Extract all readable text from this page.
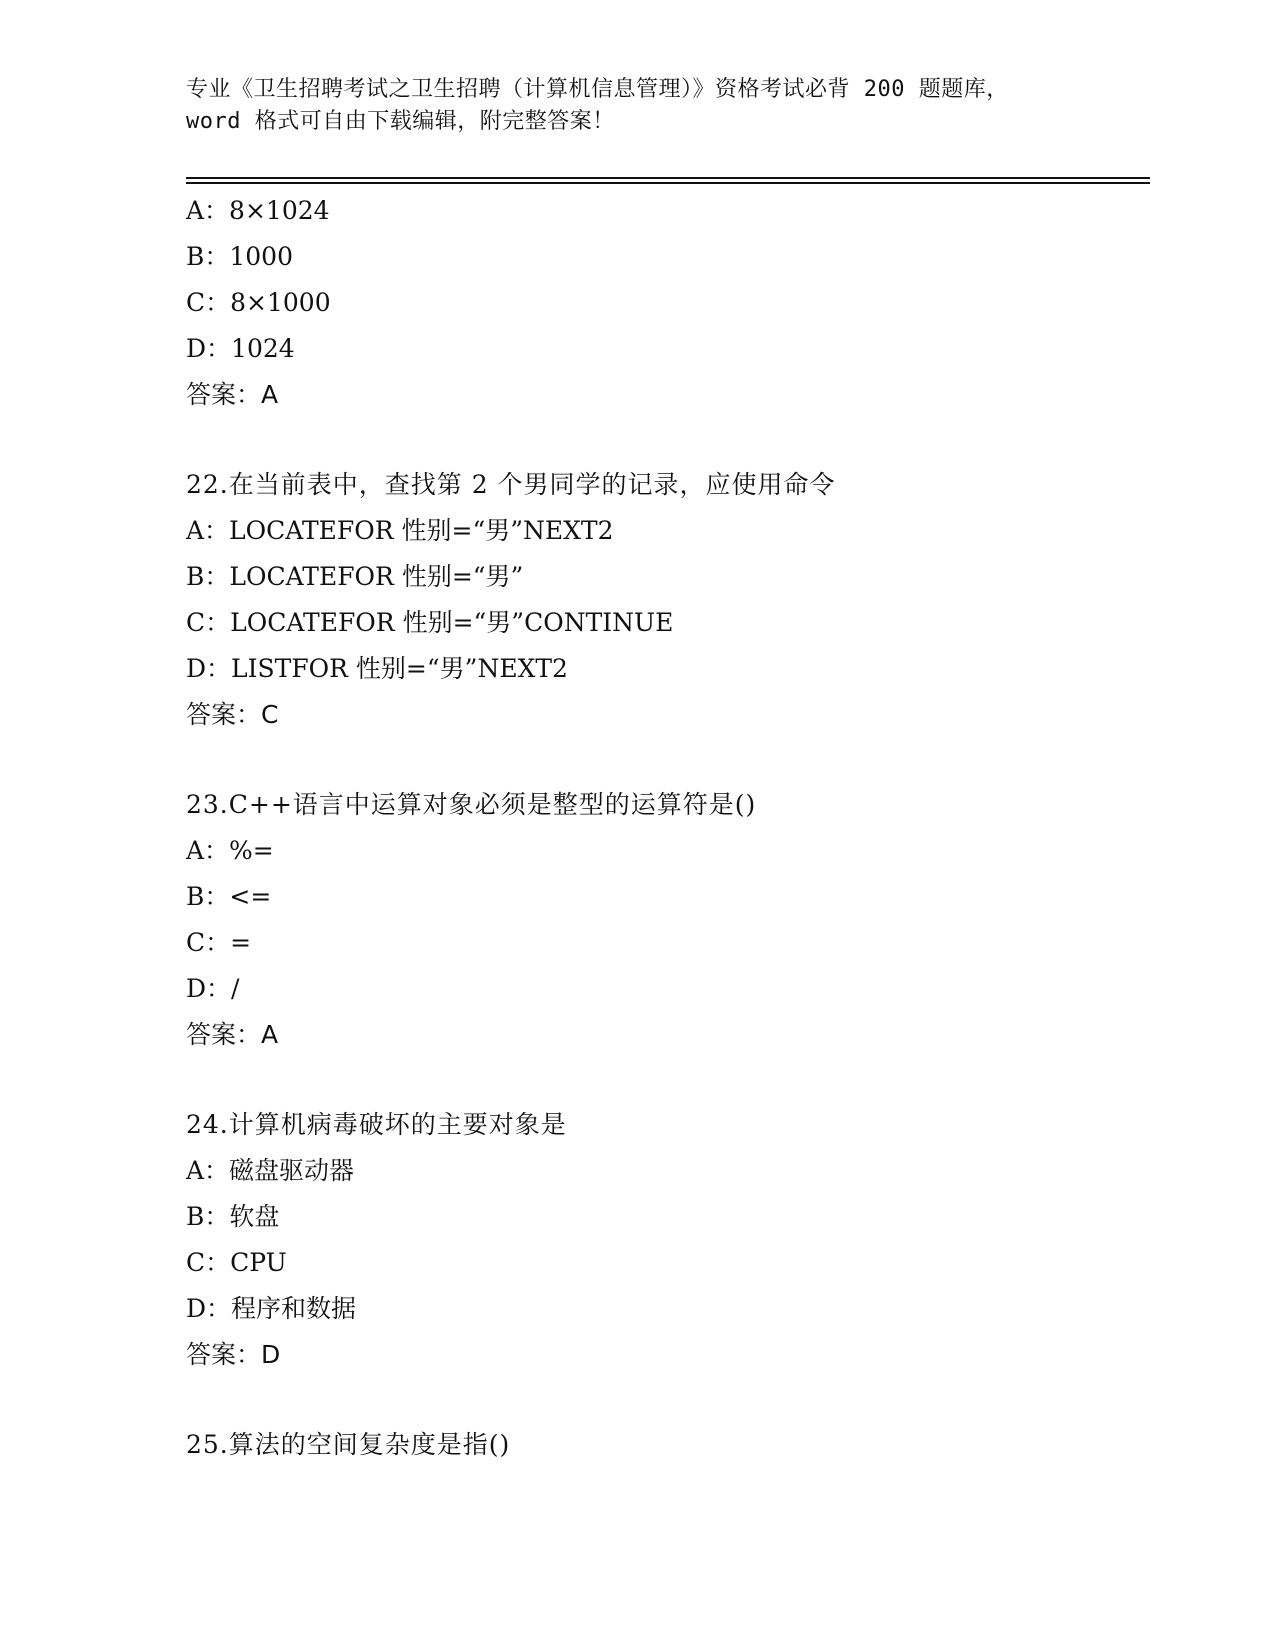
专业《卫生招聘考试之卫生招聘（计算机信息管理）》资格考试必背 200 题题库，
word 格式可自由下载编辑，附完整答案！
A：8×1024
B：1000
C：8×1000
D：1024
答案：A
22.在当前表中，查找第 2 个男同学的记录，应使用命令
A：LOCATEFOR 性别=“男”NEXT2
B：LOCATEFOR 性别=“男”
C：LOCATEFOR 性别=“男”CONTINUE
D：LISTFOR 性别=“男”NEXT2
答案：C
23.C++语言中运算对象必须是整型的运算符是()
A：%=
B：<=
C：=
D：/
答案：A
24.计算机病毒破坏的主要对象是
A：磁盘驱动器
B：软盘
C：CPU
D：程序和数据
答案：D
25.算法的空间复杂度是指()
